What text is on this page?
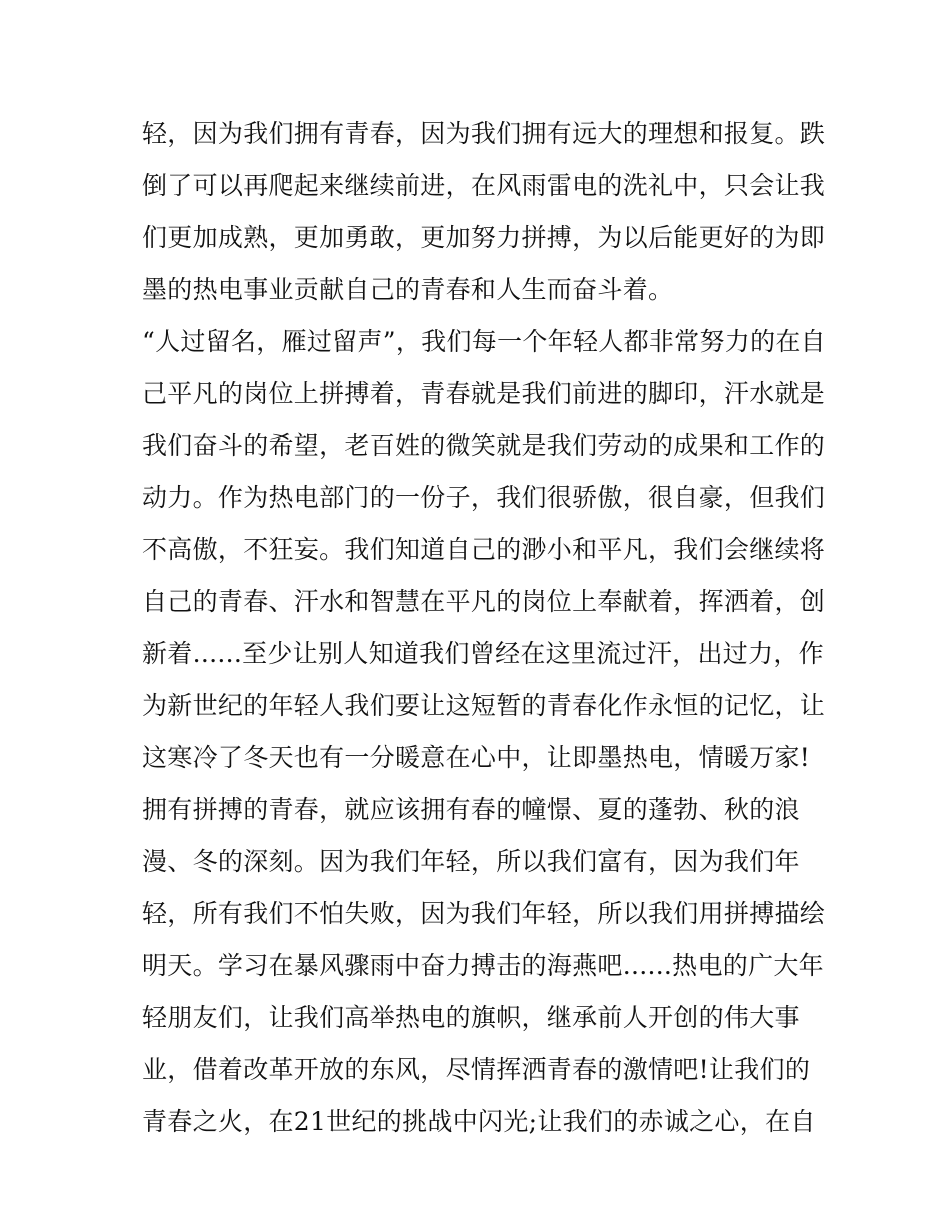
轻，因为我们拥有青春，因为我们拥有远大的理想和报复。跌
倒了可以再爬起来继续前进，在风雨雷电的洗礼中，只会让我
们更加成熟，更加勇敢，更加努力拼搏，为以后能更好的为即
墨的热电事业贡献自己的青春和人生而奋斗着。
“人过留名，雁过留声”，我们每一个年轻人都非常努力的在自
己平凡的岗位上拼搏着，青春就是我们前进的脚印，汗水就是
我们奋斗的希望，老百姓的微笑就是我们劳动的成果和工作的
动力。作为热电部门的一份子，我们很骄傲，很自豪，但我们
不高傲，不狂妄。我们知道自己的渺小和平凡，我们会继续将
自己的青春、汗水和智慧在平凡的岗位上奉献着，挥洒着，创
新着......至少让别人知道我们曾经在这里流过汗，出过力，作
为新世纪的年轻人我们要让这短暂的青春化作永恒的记忆，让
这寒冷了冬天也有一分暖意在心中，让即墨热电，情暖万家!
拥有拼搏的青春，就应该拥有春的幢憬、夏的蓬勃、秋的浪
漫、冬的深刻。因为我们年轻，所以我们富有，因为我们年
轻，所有我们不怕失败，因为我们年轻，所以我们用拼搏描绘
明天。学习在暴风骤雨中奋力搏击的海燕吧......热电的广大年
轻朋友们，让我们高举热电的旗帜，继承前人开创的伟大事
业，借着改革开放的东风，尽情挥洒青春的激情吧!让我们的
青春之火，在21世纪的挑战中闪光;让我们的赤诚之心，在自
